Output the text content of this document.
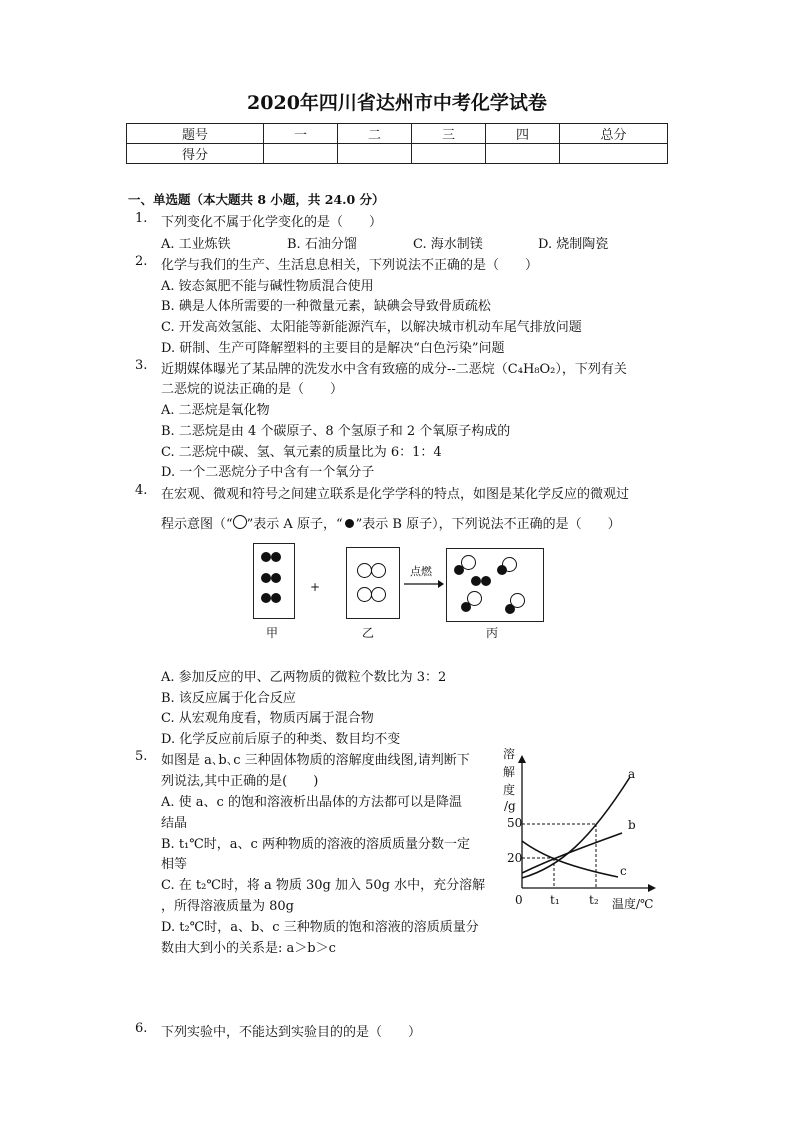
2020年四川省达州市中考化学试卷
题号	一	二	三	四	总分
得分					
一、单选题（本大题共 8 小题，共 24.0 分）
1. 下列变化不属于化学变化的是（　　）
A. 工业炼铁	B. 石油分馏	C. 海水制镁	D. 烧制陶瓷
2. 化学与我们的生产、生活息息相关，下列说法不正确的是（　　）
A. 铵态氮肥不能与碱性物质混合使用
B. 碘是人体所需要的一种微量元素，缺碘会导致骨质疏松
C. 开发高效氢能、太阳能等新能源汽车，以解决城市机动车尾气排放问题
D. 研制、生产可降解塑料的主要目的是解决“白色污染”问题
3. 近期媒体曝光了某品牌的洗发水中含有致癌的成分--二恶烷（C₄H₈O₂），下列有关
二恶烷的说法正确的是（　　）
A. 二恶烷是氧化物
B. 二恶烷是由 4 个碳原子、8 个氢原子和 2 个氧原子构成的
C. 二恶烷中碳、氢、氧元素的质量比为 6：1：4
D. 一个二恶烷分子中含有一个氧分子
4. 在宏观、微观和符号之间建立联系是化学学科的特点，如图是某化学反应的微观过
程示意图（“ ”表示 A 原子，“ ”表示 B 原子），下列说法不正确的是（　　）
+
点燃
甲	乙	丙
A. 参加反应的甲、乙两物质的微粒个数比为 3：2
B. 该反应属于化合反应
C. 从宏观角度看，物质丙属于混合物
D. 化学反应前后原子的种类、数目均不变
5. 如图是 a､b､c 三种固体物质的溶解度曲线图,请判断下
列说法,其中正确的是(　　)
A. 使 a、c 的饱和溶液析出晶体的方法都可以是降温
结晶
B. t₁℃时，a、c 两种物质的溶液的溶质质量分数一定
相等
C. 在 t₂℃时，将 a 物质 30g 加入 50g 水中，充分溶解
，所得溶液质量为 80g
D. t₂℃时，a、b、c 三种物质的饱和溶液的溶质质量分
数由大到小的关系是: a＞b＞c
溶
解
度
/g
a
b
c
50
20
0 t₁ t₂ 温度/℃
6. 下列实验中，不能达到实验目的的是（　　）
